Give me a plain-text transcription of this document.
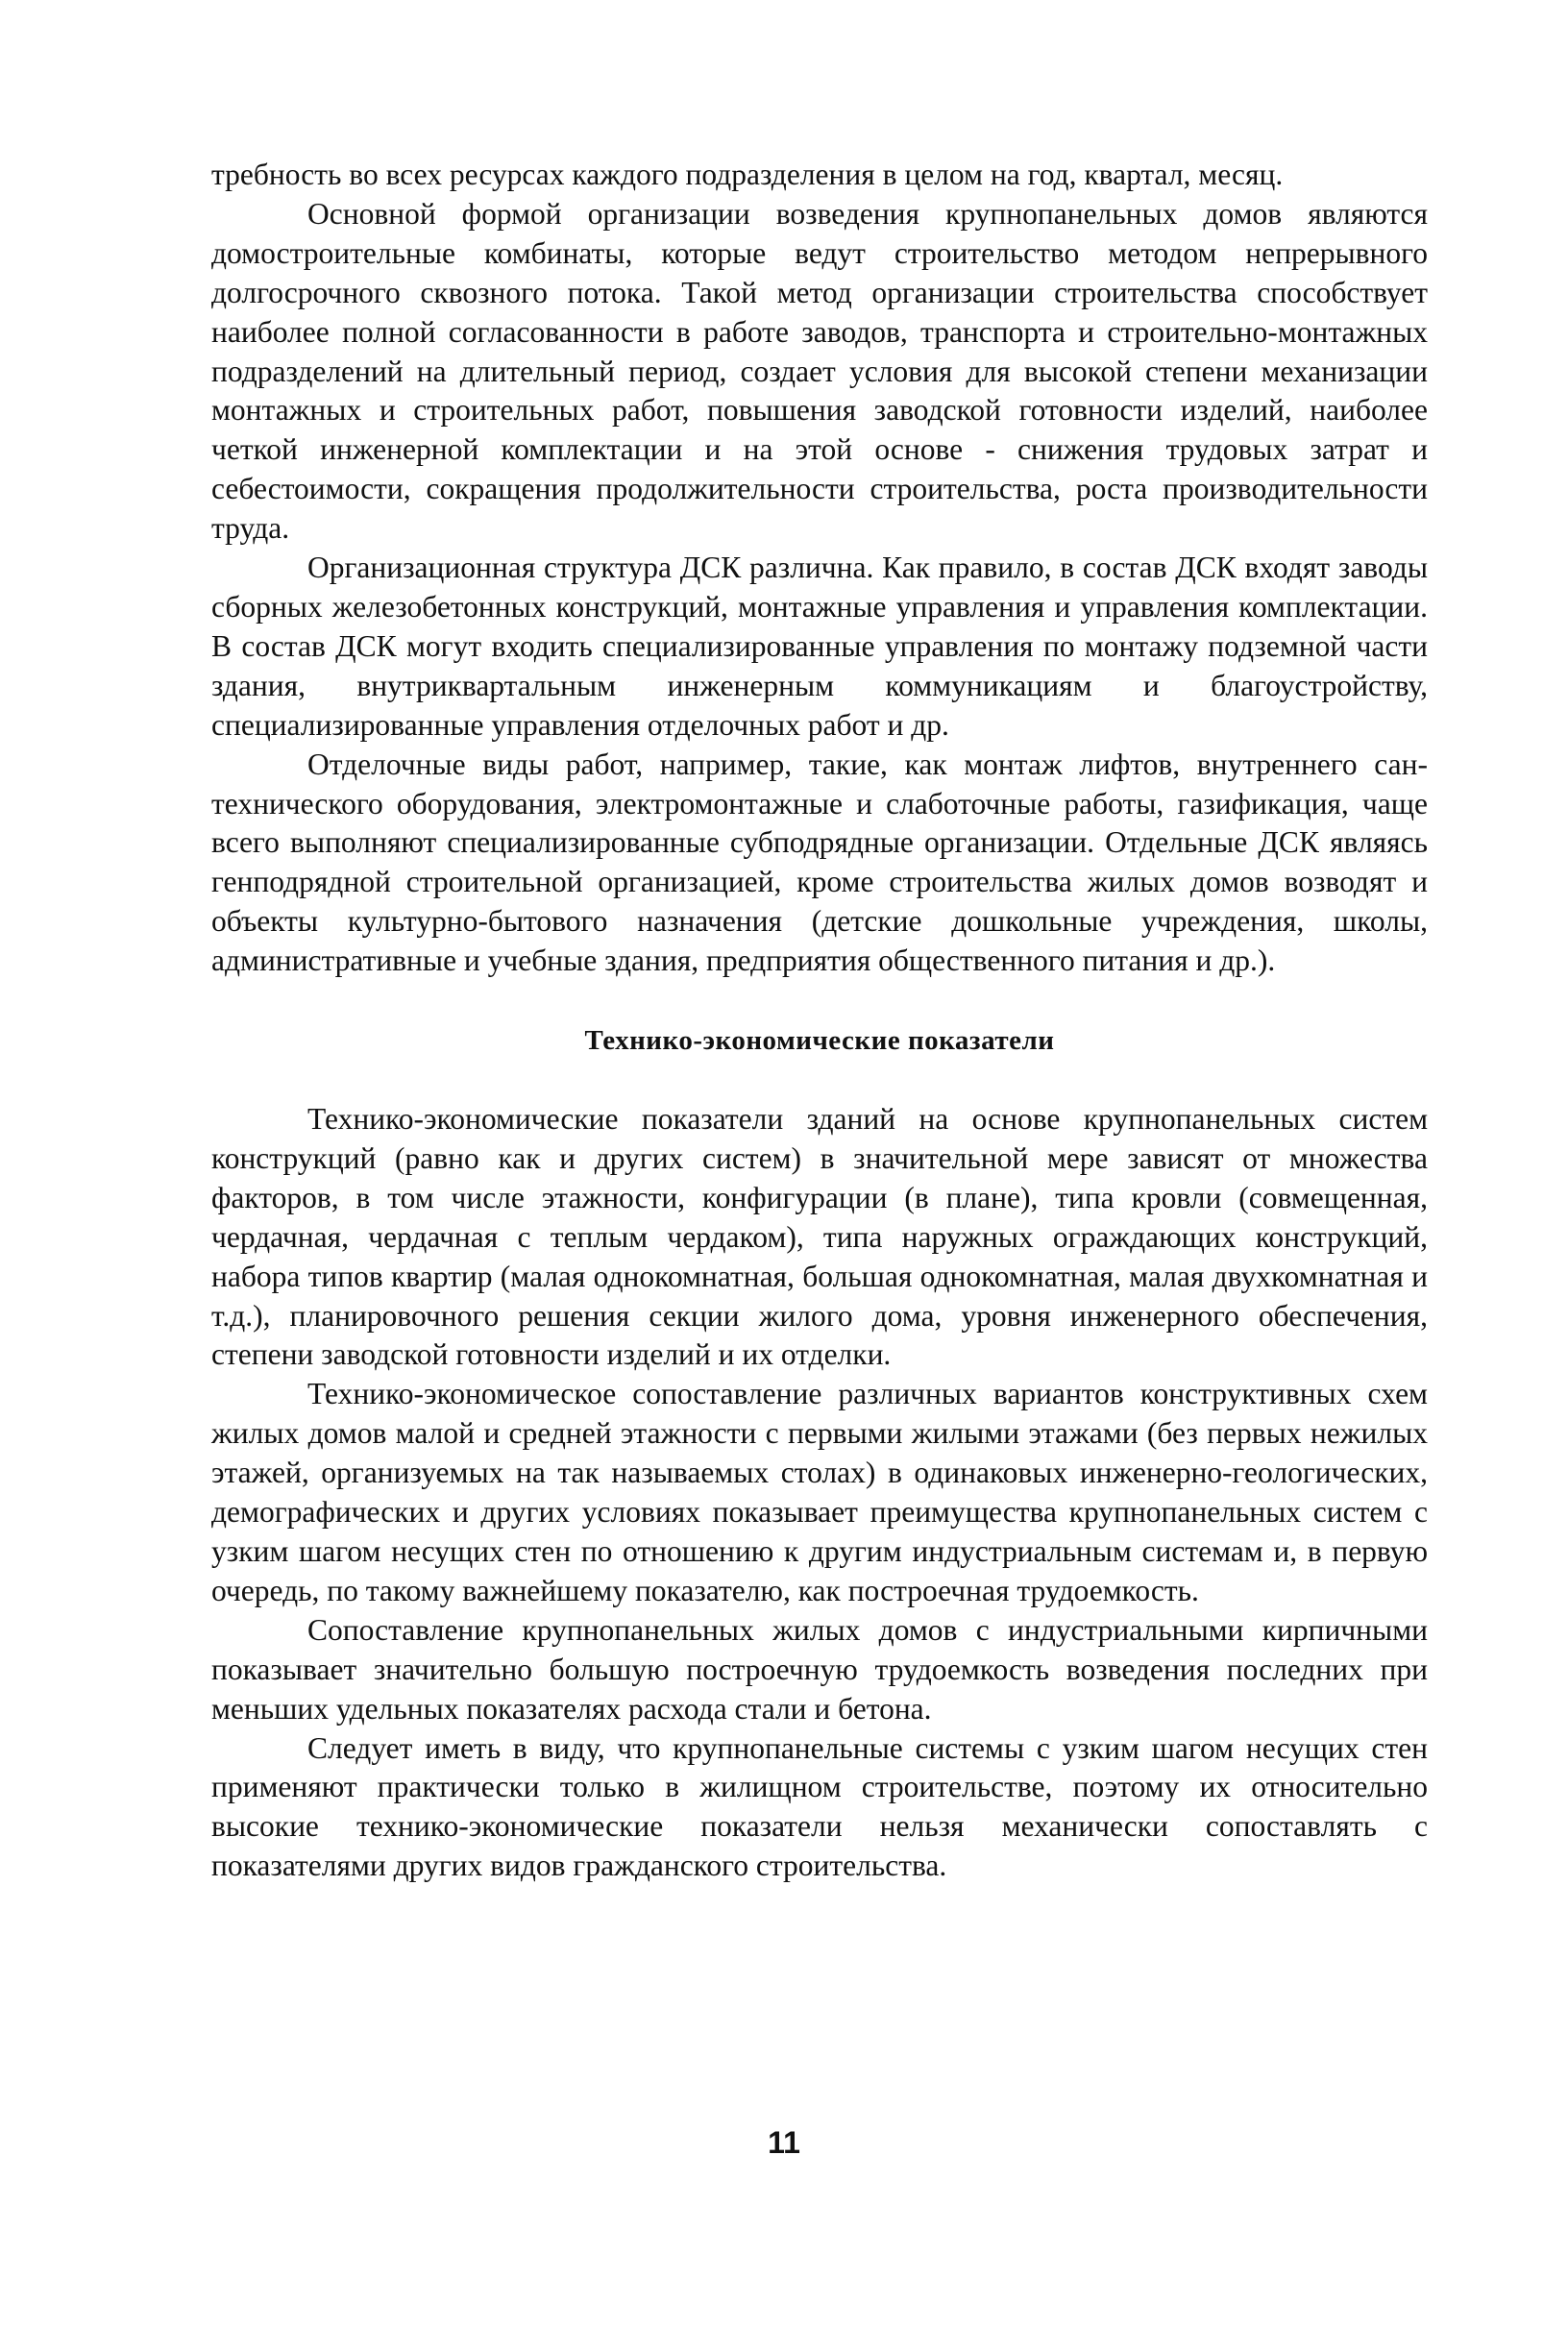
требность во всех ресурсах каждого подразделения в целом на год, квартал, месяц.

Основной формой организации возведения крупнопанельных домов являются домостроительные комбинаты, которые ведут строительство методом непрерывного долгосрочного сквозного потока. Такой метод организации строительства способствует наиболее полной согласованности в работе заводов, транспорта и строительно-монтажных подразделений на длительный период, создает условия для высокой степени механизации монтажных и строительных работ, повышения заводской готовности изделий, наиболее четкой инженерной комплектации и на этой основе - снижения трудовых затрат и себестоимости, сокращения продолжительности строительства, роста производительности труда.

Организационная структура ДСК различна. Как правило, в состав ДСК входят заводы сборных железобетонных конструкций, монтажные управления и управления комплектации. В состав ДСК могут входить специализированные управления по монтажу подземной части здания, внутриквартальным инженерным коммуникациям и благоустройству, специализированные управления отделочных работ и др.

Отделочные виды работ, например, такие, как монтаж лифтов, внутреннего сантехнического оборудования, электромонтажные и слаботочные работы, газификация, чаще всего выполняют специализированные субподрядные организации. Отдельные ДСК являясь генподрядной строительной организацией, кроме строительства жилых домов возводят и объекты культурно-бытового назначения (детские дошкольные учреждения, школы, административные и учебные здания, предприятия общественного питания и др.).

Технико-экономические показатели

Технико-экономические показатели зданий на основе крупнопанельных систем конструкций (равно как и других систем) в значительной мере зависят от множества факторов, в том числе этажности, конфигурации (в плане), типа кровли (совмещенная, чердачная, чердачная с теплым чердаком), типа наружных ограждающих конструкций, набора типов квартир (малая однокомнатная, большая однокомнатная, малая двухкомнатная и т.д.), планировочного решения секции жилого дома, уровня инженерного обеспечения, степени заводской готовности изделий и их отделки.

Технико-экономическое сопоставление различных вариантов конструктивных схем жилых домов малой и средней этажности с первыми жилыми этажами (без первых нежилых этажей, организуемых на так называемых столах) в одинаковых инженерно-геологических, демографических и других условиях показывает преимущества крупнопанельных систем с узким шагом несущих стен по отношению к другим индустриальным системам и, в первую очередь, по такому важнейшему показателю, как построечная трудоемкость.

Сопоставление крупнопанельных жилых домов с индустриальными кирпичными показывает значительно большую построечную трудоемкость возведения последних при меньших удельных показателях расхода стали и бетона.

Следует иметь в виду, что крупнопанельные системы с узким шагом несущих стен применяют практически только в жилищном строительстве, поэтому их относительно высокие технико-экономические показатели нельзя механически сопоставлять с показателями других видов гражданского строительства.

11
